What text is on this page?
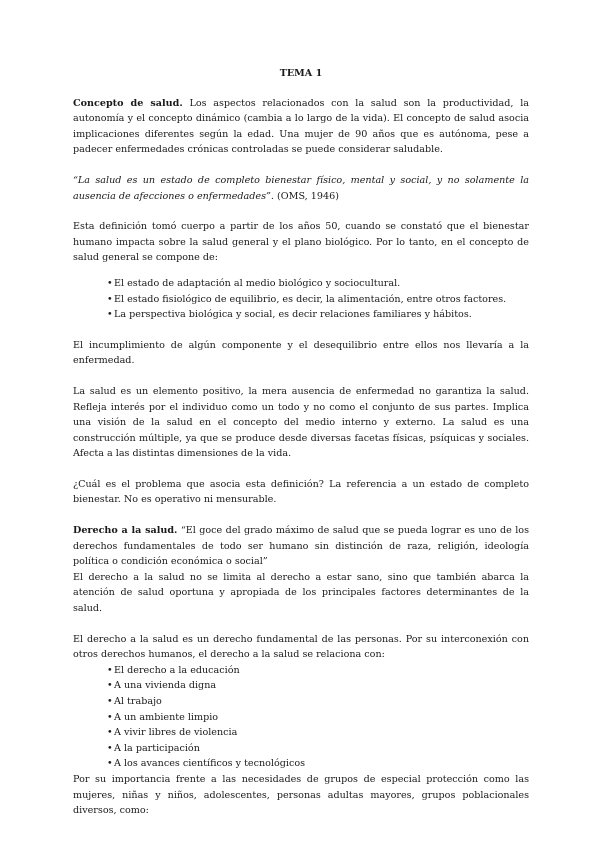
TEMA 1

Concepto de salud. Los aspectos relacionados con la salud son la productividad, la autonomía y el concepto dinámico (cambia a lo largo de la vida). El concepto de salud asocia implicaciones diferentes según la edad. Una mujer de 90 años que es autónoma, pese a padecer enfermedades crónicas controladas se puede considerar saludable.

“La salud es un estado de completo bienestar físico, mental y social, y no solamente la ausencia de afecciones o enfermedades”. (OMS, 1946)

Esta definición tomó cuerpo a partir de los años 50, cuando se constató que el bienestar humano impacta sobre la salud general y el plano biológico. Por lo tanto, en el concepto de salud general se compone de:

•El estado de adaptación al medio biológico y sociocultural.
•El estado fisiológico de equilibrio, es decir, la alimentación, entre otros factores.
•La perspectiva biológica y social, es decir relaciones familiares y hábitos.

El incumplimiento de algún componente y el desequilibrio entre ellos nos llevaría a la enfermedad.

La salud es un elemento positivo, la mera ausencia de enfermedad no garantiza la salud. Refleja interés por el individuo como un todo y no como el conjunto de sus partes. Implica una visión de la salud en el concepto del medio interno y externo. La salud es una construcción múltiple, ya que se produce desde diversas facetas físicas, psíquicas y sociales. Afecta a las distintas dimensiones de la vida.

¿Cuál es el problema que asocia esta definición? La referencia a un estado de completo bienestar. No es operativo ni mensurable.

Derecho a la salud. “El goce del grado máximo de salud que se pueda lograr es uno de los derechos fundamentales de todo ser humano sin distinción de raza, religión, ideología política o condición económica o social”

El derecho a la salud no se limita al derecho a estar sano, sino que también abarca la atención de salud oportuna y apropiada de los principales factores determinantes de la salud.

El derecho a la salud es un derecho fundamental de las personas. Por su interconexión con otros derechos humanos, el derecho a la salud se relaciona con:

•El derecho a la educación
•A una vivienda digna
•Al trabajo
•A un ambiente limpio
•A vivir libres de violencia
•A la participación
•A los avances científicos y tecnológicos

Por su importancia frente a las necesidades de grupos de especial protección como las mujeres, niñas y niños, adolescentes, personas adultas mayores, grupos poblacionales diversos, como:
